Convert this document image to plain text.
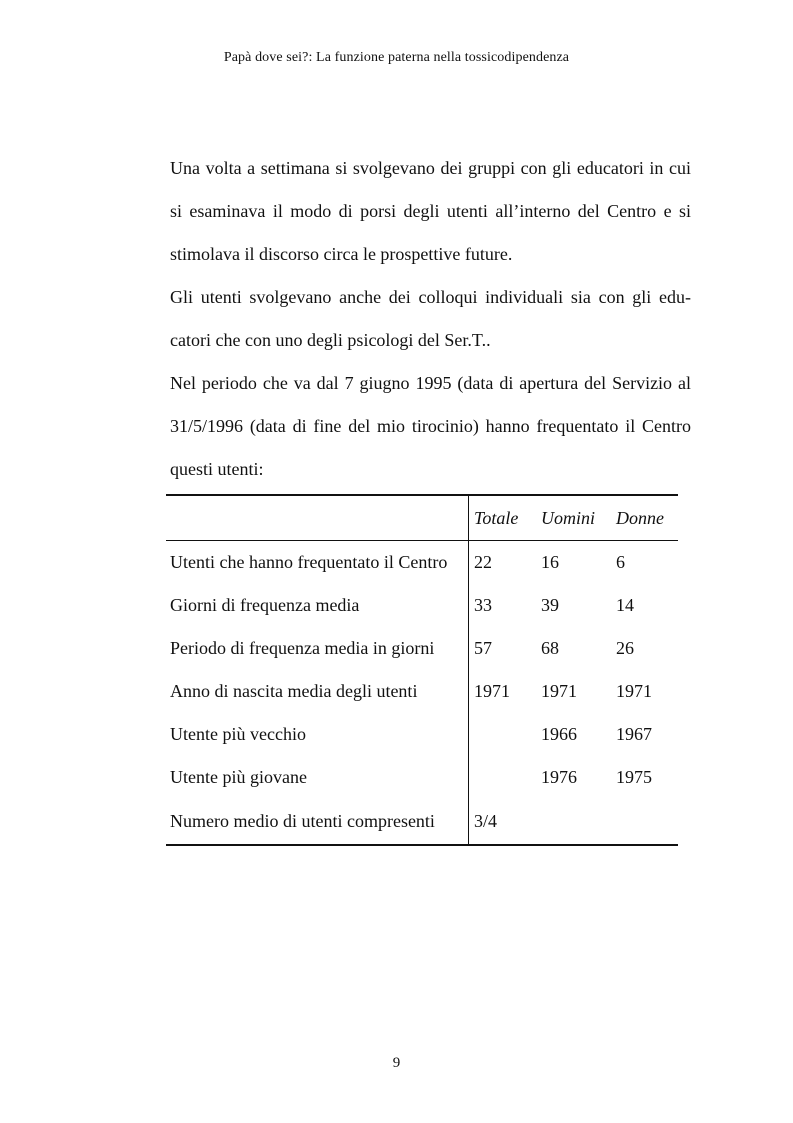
Papà dove sei?: La funzione paterna nella tossicodipendenza

Una volta a settimana si svolgevano dei gruppi con gli educatori in cui si esaminava il modo di porsi degli utenti all’interno del Centro e si stimolava il discorso circa le prospettive future.

Gli utenti svolgevano anche dei colloqui individuali sia con gli edu-catori che con uno degli psicologi del Ser.T..

Nel periodo che va dal 7 giugno 1995 (data di apertura del Servizio al 31/5/1996 (data di fine del mio tirocinio) hanno frequentato il Centro questi utenti:

	Totale	Uomini	Donne
Utenti che hanno frequentato il Centro	22	16	6
Giorni di frequenza media	33	39	14
Periodo di frequenza media in giorni	57	68	26
Anno di nascita media degli utenti	1971	1971	1971
Utente più vecchio		1966	1967
Utente più giovane		1976	1975
Numero medio di utenti compresenti	3/4		
9
